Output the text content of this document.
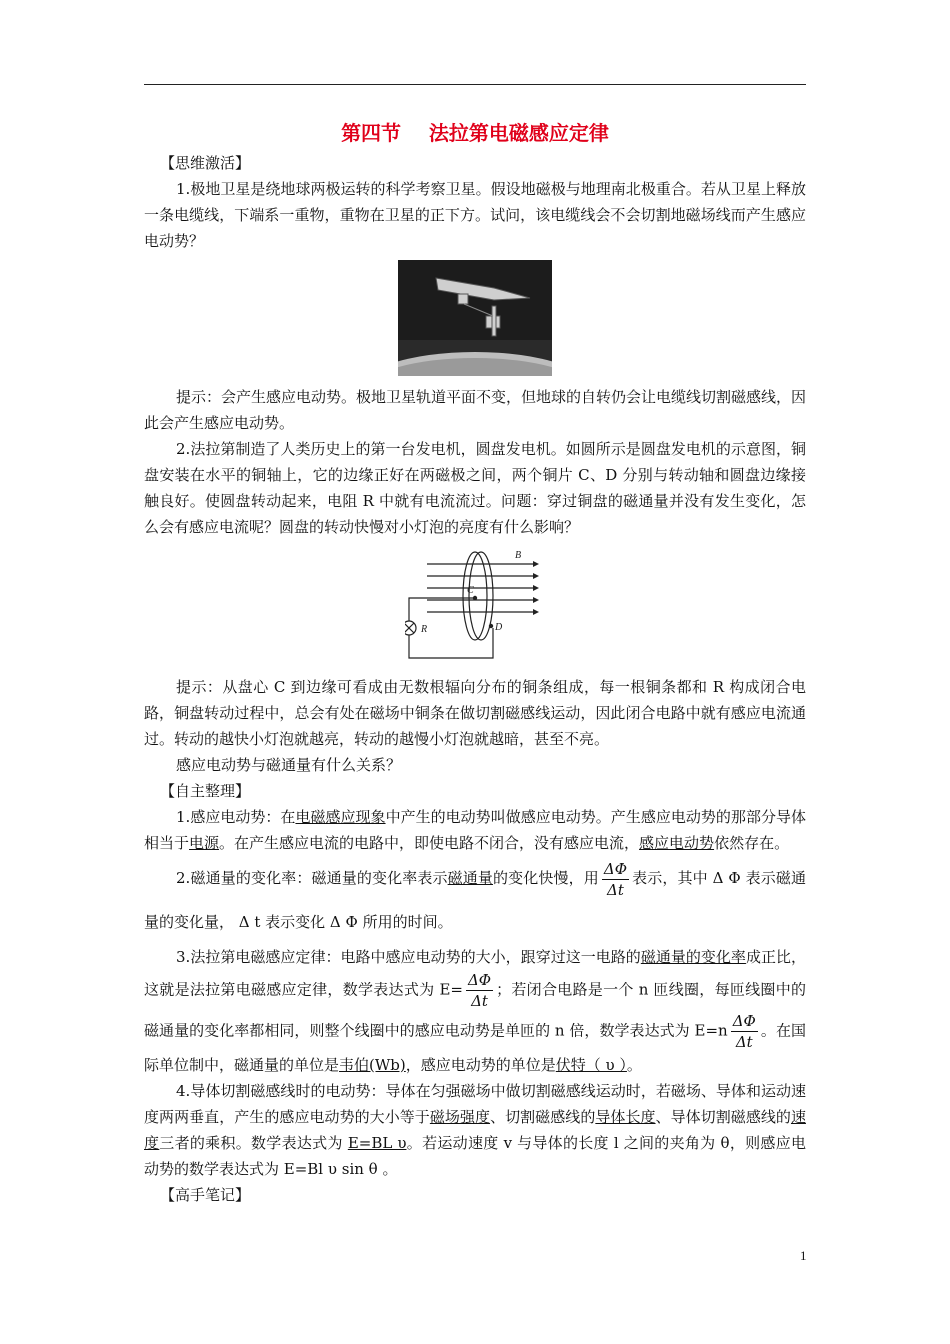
第四节 法拉第电磁感应定律
【思维激活】

1.极地卫星是绕地球两极运转的科学考察卫星。假设地磁极与地理南北极重合。若从卫星上释放一条电缆线，下端系一重物，重物在卫星的正下方。试问，该电缆线会不会切割地磁场线而产生感应电动势？

提示：会产生感应电动势。极地卫星轨道平面不变，但地球的自转仍会让电缆线切割磁感线，因此会产生感应电动势。

2.法拉第制造了人类历史上的第一台发电机，圆盘发电机。如圆所示是圆盘发电机的示意图，铜盘安装在水平的铜轴上，它的边缘正好在两磁极之间，两个铜片 C、D 分别与转动轴和圆盘边缘接触良好。使圆盘转动起来，电阻 R 中就有电流流过。问题：穿过铜盘的磁通量并没有发生变化，怎么会有感应电流呢？圆盘的转动快慢对小灯泡的亮度有什么影响？

B
C
D
R

提示：从盘心 C 到边缘可看成由无数根辐向分布的铜条组成，每一根铜条都和 R 构成闭合电路，铜盘转动过程中，总会有处在磁场中铜条在做切割磁感线运动，因此闭合电路中就有感应电流通过。转动的越快小灯泡就越亮，转动的越慢小灯泡就越暗，甚至不亮。

感应电动势与磁通量有什么关系？

【自主整理】

1.感应电动势：在电磁感应现象中产生的电动势叫做感应电动势。产生感应电动势的那部分导体相当于电源。在产生感应电流的电路中，即使电路不闭合，没有感应电流，感应电动势依然存在。

2.磁通量的变化率：磁通量的变化率表示磁通量的变化快慢，用 $\frac{\Delta\Phi}{\Delta t}$ 表示，其中 Δ Φ 表示磁通量的变化量， Δ t 表示变化 Δ Φ 所用的时间。

3.法拉第电磁感应定律：电路中感应电动势的大小，跟穿过这一电路的磁通量的变化率成正比，这就是法拉第电磁感应定律，数学表达式为 $E= \frac{\Delta\Phi}{\Delta t}$ ；若闭合电路是一个 n 匝线圈，每匝线圈中的磁通量的变化率都相同，则整个线圈中的感应电动势是单匝的 n 倍，数学表达式为 $E=n \frac{\Delta\Phi}{\Delta t}$ 。在国际单位制中，磁通量的单位是韦伯(Wb)，感应电动势的单位是伏特（ υ ）。

4.导体切割磁感线时的电动势：导体在匀强磁场中做切割磁感线运动时，若磁场、导体和运动速度两两垂直，产生的感应电动势的大小等于磁场强度、切割磁感线的导体长度、导体切割磁感线的速度三者的乘积。数学表达式为 E=BL υ。若运动速度 v 与导体的长度 l 之间的夹角为 θ，则感应电动势的数学表达式为 E=Bl υ sin θ 。

【高手笔记】
1
